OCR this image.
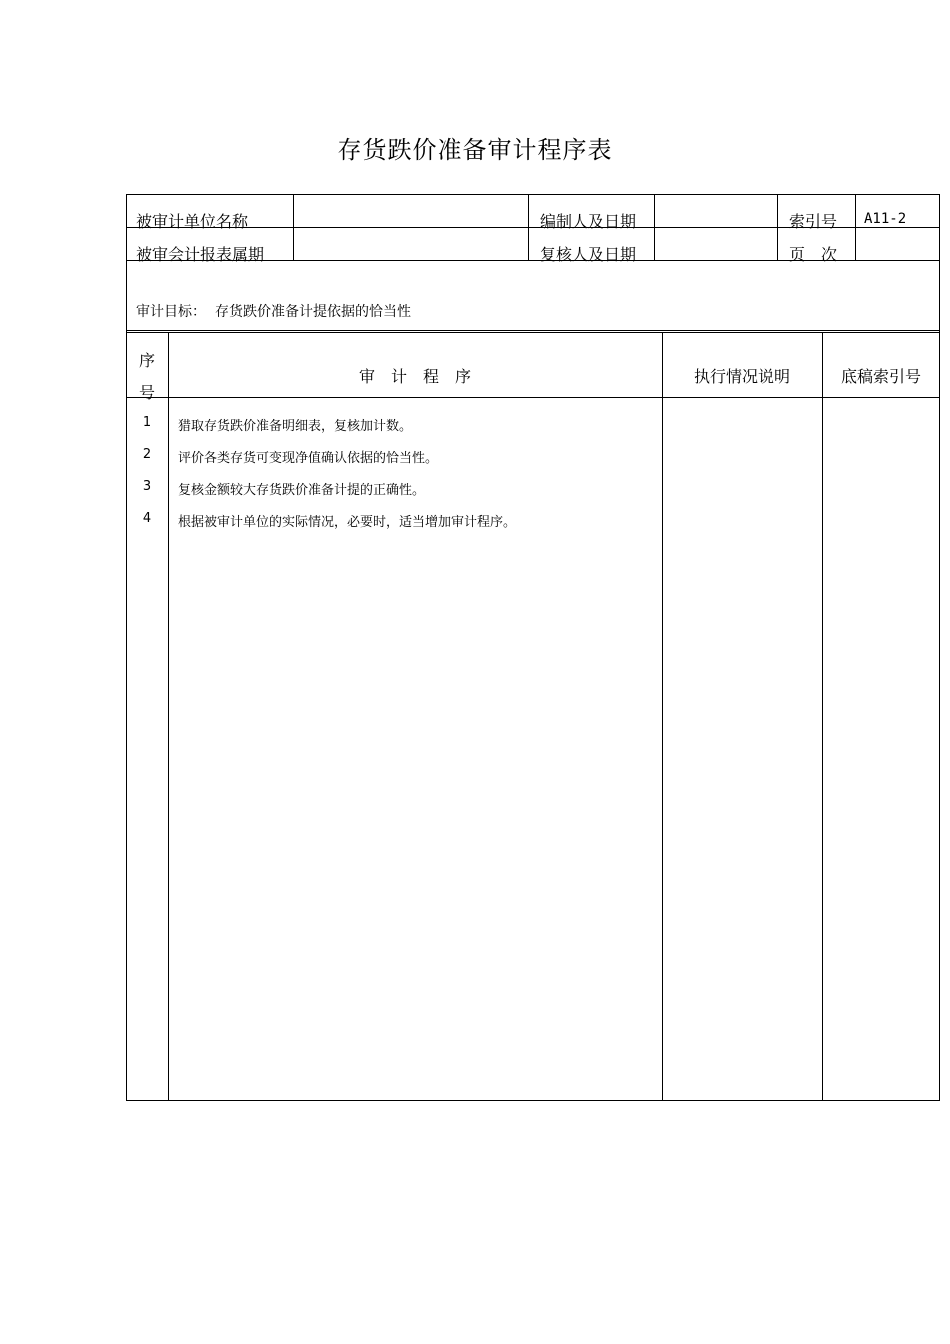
存货跌价准备审计程序表
被审计单位名称	编制人及日期	索引号 A11-2
被审会计报表属期	复核人及日期	页　次
审计目标： 存货跌价准备计提依据的恰当性
序
号
审　计　程　序	执行情况说明	底稿索引号
1	猎取存货跌价准备明细表，复核加计数。
2	评价各类存货可变现净值确认依据的恰当性。
3	复核金额较大存货跌价准备计提的正确性。
4	根据被审计单位的实际情况，必要时，适当增加审计程序。
